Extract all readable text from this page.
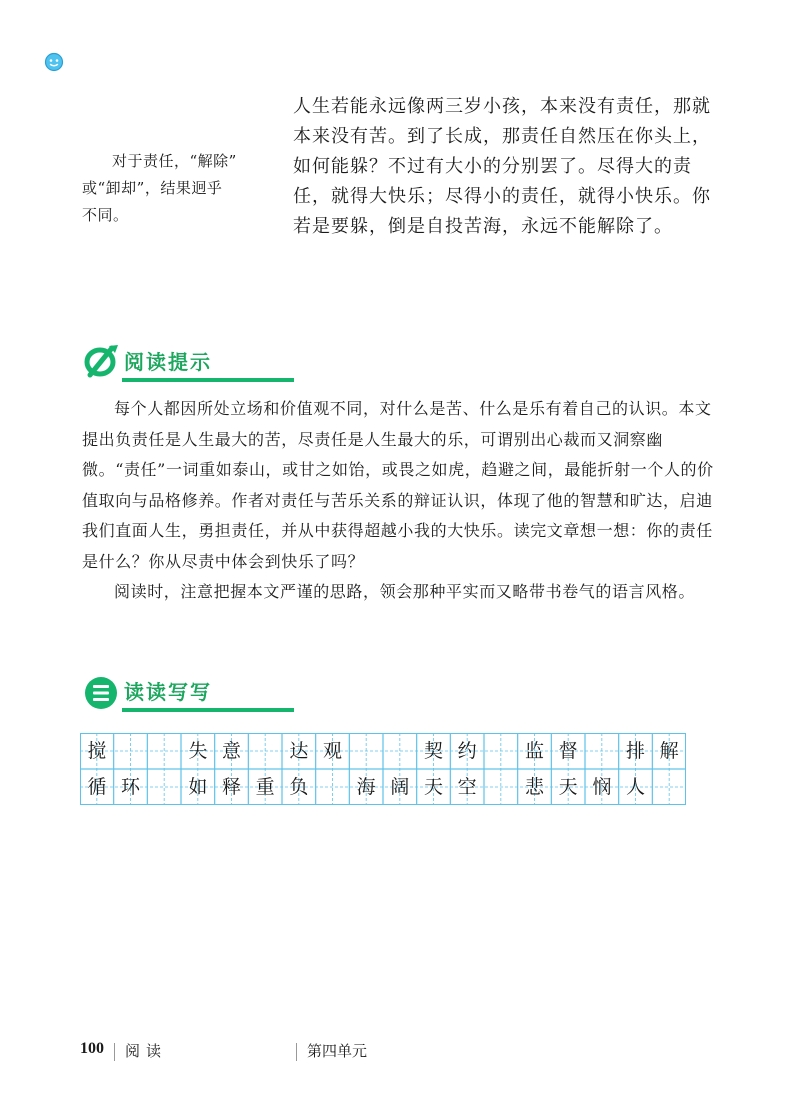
对于责任，“解除”
或“卸却”，结果迥乎
不同。
人生若能永远像两三岁小孩，本来没有责任，那就本来没有苦。到了长成，那责任自然压在你头上，如何能躲？不过有大小的分别罢了。尽得大的责任，就得大快乐；尽得小的责任，就得小快乐。你若是要躲，倒是自投苦海，永远不能解除了。
阅读提示

每个人都因所处立场和价值观不同，对什么是苦、什么是乐有着自己的认识。本文提出负责任是人生最大的苦，尽责任是人生最大的乐，可谓别出心裁而又洞察幽微。“责任”一词重如泰山，或甘之如饴，或畏之如虎，趋避之间，最能折射一个人的价值取向与品格修养。作者对责任与苦乐关系的辩证认识，体现了他的智慧和旷达，启迪我们直面人生，勇担责任，并从中获得超越小我的大快乐。读完文章想一想：你的责任是什么？你从尽责中体会到快乐了吗？

阅读时，注意把握本文严谨的思路，领会那种平实而又略带书卷气的语言风格。

读读写写
搅	失 意	达 观	契 约	监 督	排 解
循 环	如 释 重 负	海 阔 天 空	悲 天 悯 人
100 阅读	第四单元
